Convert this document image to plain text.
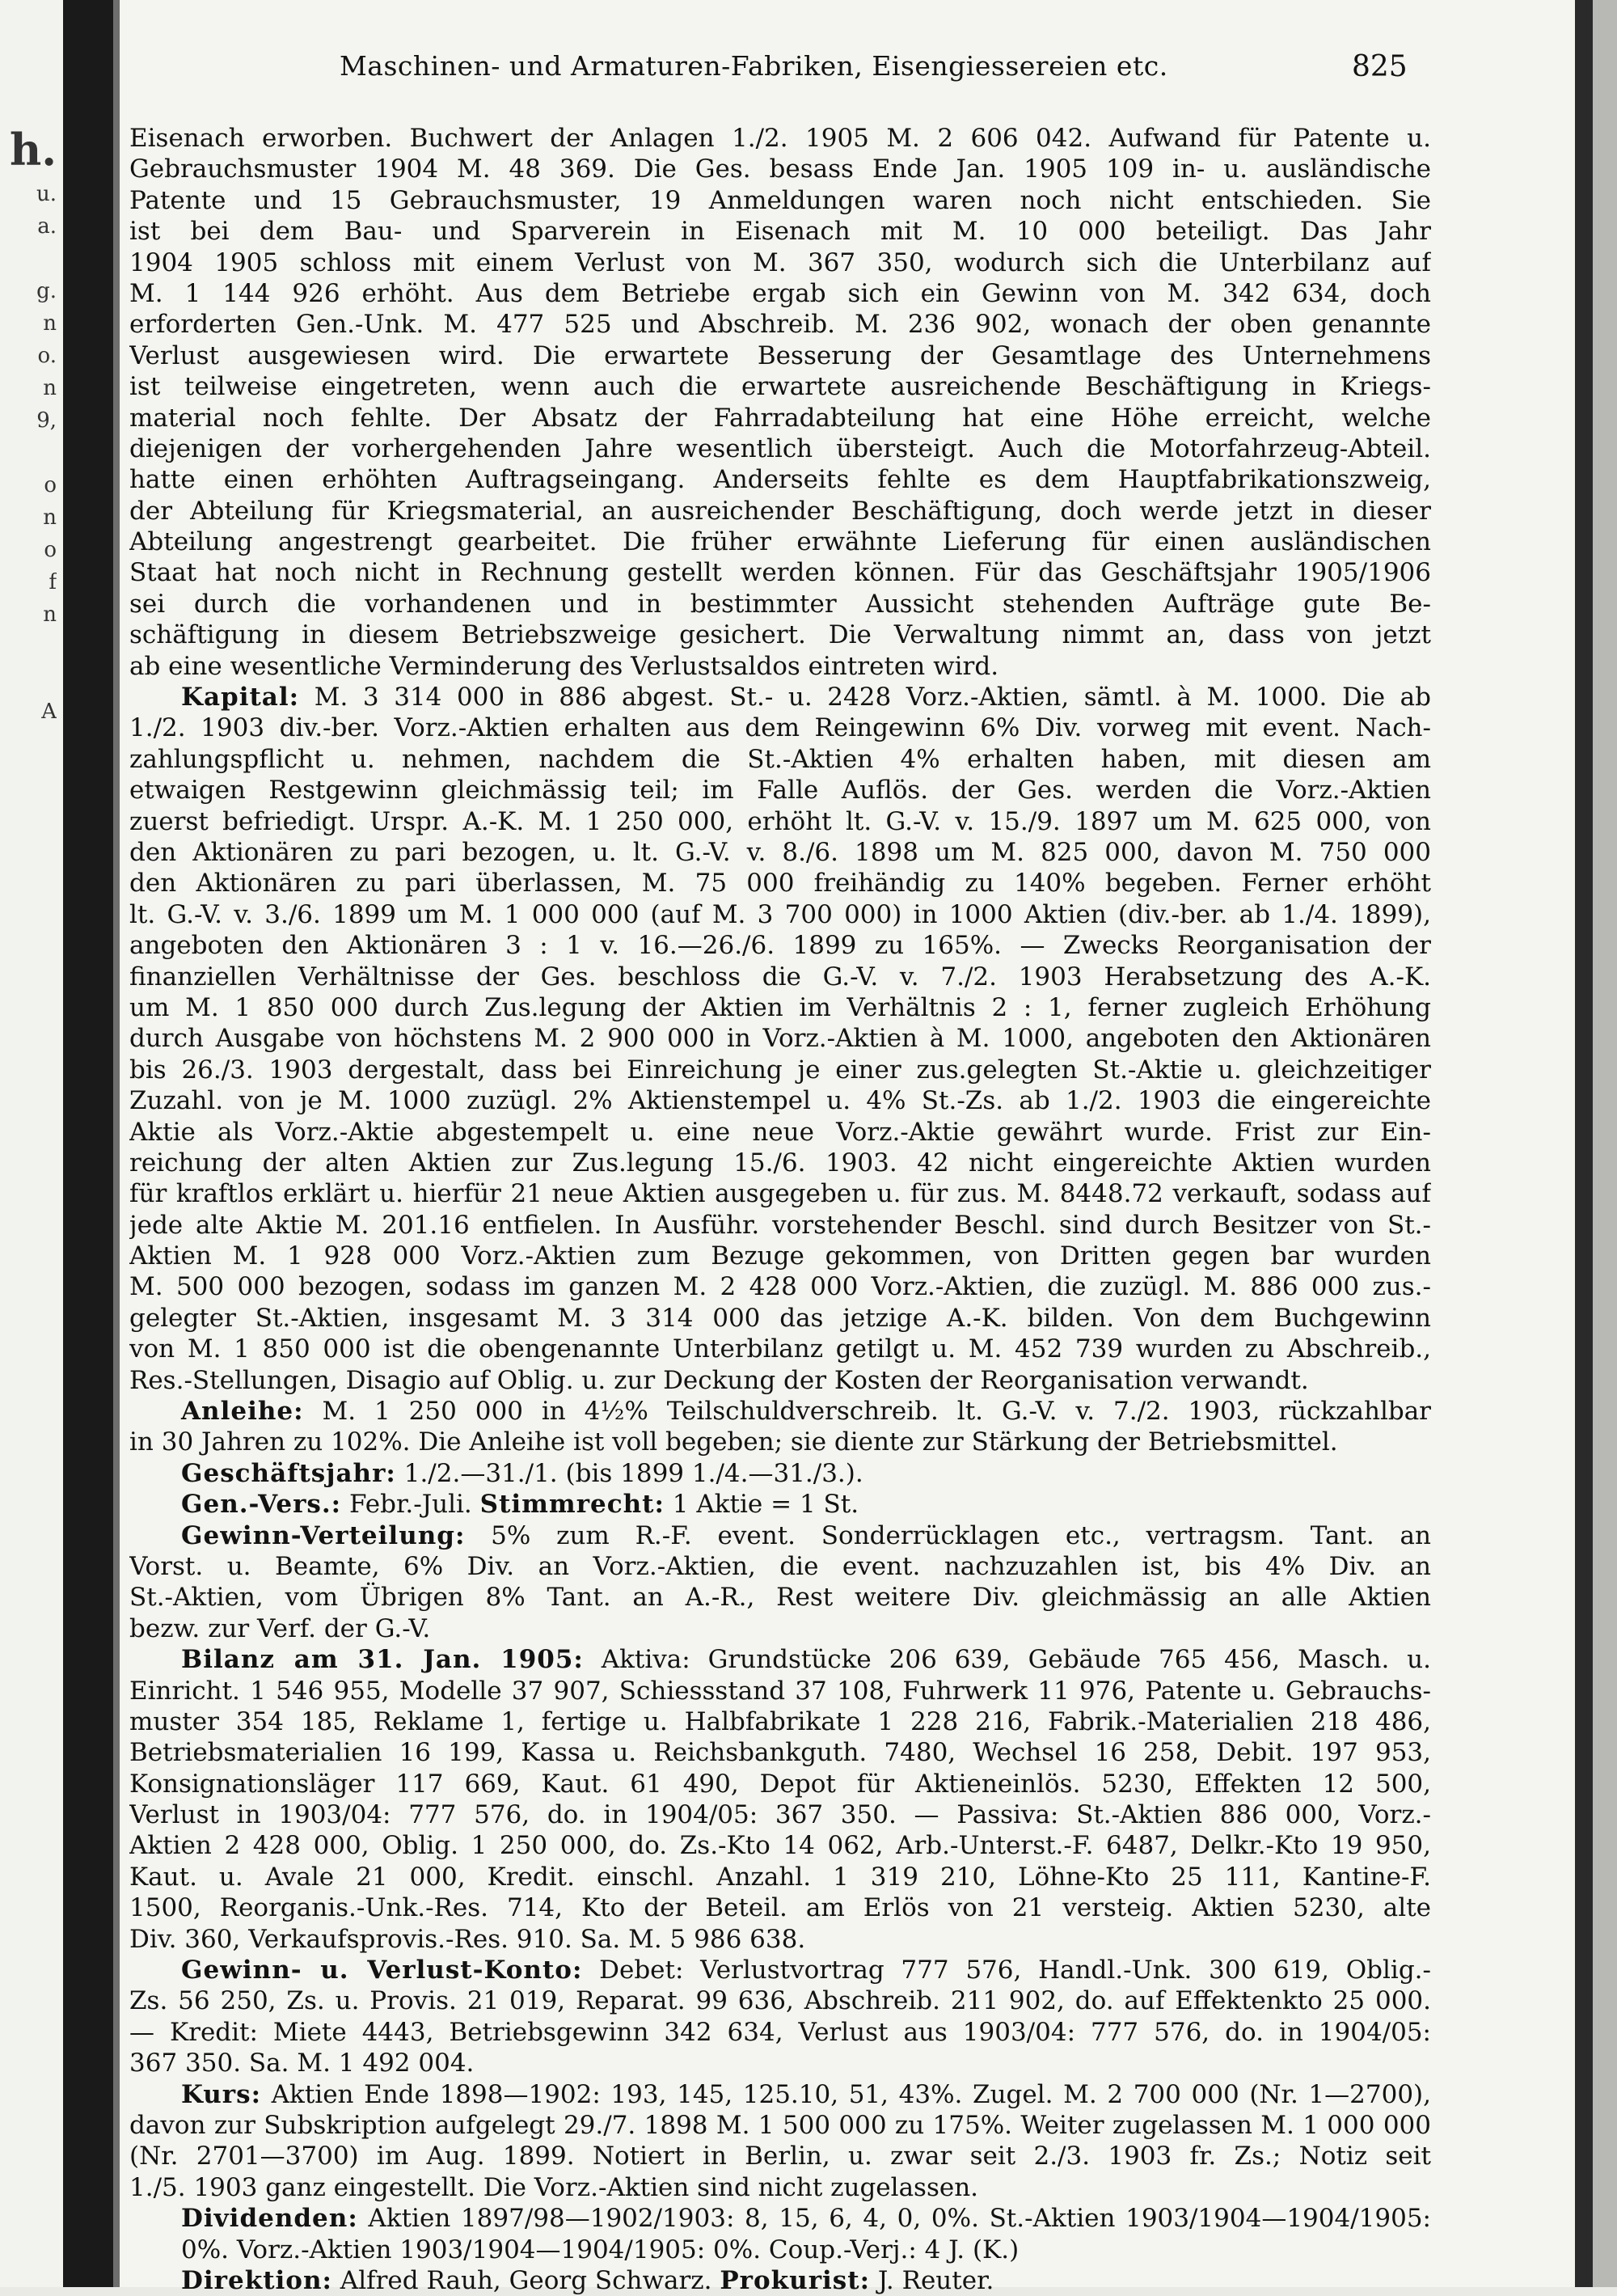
h.
u.
a.
g.
n
o.
n
9,
o
n
o
f
n
A
Maschinen- und Armaturen-Fabriken, Eisengiessereien etc.	825
Eisenach erworben. Buchwert der Anlagen 1./2. 1905 M. 2 606 042. Aufwand für Patente u.
Gebrauchsmuster 1904 M. 48 369. Die Ges. besass Ende Jan. 1905 109 in- u. ausländische
Patente und 15 Gebrauchsmuster, 19 Anmeldungen waren noch nicht entschieden. Sie
ist bei dem Bau- und Sparverein in Eisenach mit M. 10 000 beteiligt. Das Jahr
1904 1905 schloss mit einem Verlust von M. 367 350, wodurch sich die Unterbilanz auf
M. 1 144 926 erhöht. Aus dem Betriebe ergab sich ein Gewinn von M. 342 634, doch
erforderten Gen.-Unk. M. 477 525 und Abschreib. M. 236 902, wonach der oben genannte
Verlust ausgewiesen wird. Die erwartete Besserung der Gesamtlage des Unternehmens
ist teilweise eingetreten, wenn auch die erwartete ausreichende Beschäftigung in Kriegs-
material noch fehlte. Der Absatz der Fahrradabteilung hat eine Höhe erreicht, welche
diejenigen der vorhergehenden Jahre wesentlich übersteigt. Auch die Motorfahrzeug-Abteil.
hatte einen erhöhten Auftragseingang. Anderseits fehlte es dem Hauptfabrikationszweig,
der Abteilung für Kriegsmaterial, an ausreichender Beschäftigung, doch werde jetzt in dieser
Abteilung angestrengt gearbeitet. Die früher erwähnte Lieferung für einen ausländischen
Staat hat noch nicht in Rechnung gestellt werden können. Für das Geschäftsjahr 1905/1906
sei durch die vorhandenen und in bestimmter Aussicht stehenden Aufträge gute Be-
schäftigung in diesem Betriebszweige gesichert. Die Verwaltung nimmt an, dass von jetzt
ab eine wesentliche Verminderung des Verlustsaldos eintreten wird.
Kapital: M. 3 314 000 in 886 abgest. St.- u. 2428 Vorz.-Aktien, sämtl. à M. 1000. Die ab
1./2. 1903 div.-ber. Vorz.-Aktien erhalten aus dem Reingewinn 6% Div. vorweg mit event. Nach-
zahlungspflicht u. nehmen, nachdem die St.-Aktien 4% erhalten haben, mit diesen am
etwaigen Restgewinn gleichmässig teil; im Falle Auflös. der Ges. werden die Vorz.-Aktien
zuerst befriedigt. Urspr. A.-K. M. 1 250 000, erhöht lt. G.-V. v. 15./9. 1897 um M. 625 000, von
den Aktionären zu pari bezogen, u. lt. G.-V. v. 8./6. 1898 um M. 825 000, davon M. 750 000
den Aktionären zu pari überlassen, M. 75 000 freihändig zu 140% begeben. Ferner erhöht
lt. G.-V. v. 3./6. 1899 um M. 1 000 000 (auf M. 3 700 000) in 1000 Aktien (div.-ber. ab 1./4. 1899),
angeboten den Aktionären 3 : 1 v. 16.—26./6. 1899 zu 165%. — Zwecks Reorganisation der
finanziellen Verhältnisse der Ges. beschloss die G.-V. v. 7./2. 1903 Herabsetzung des A.-K.
um M. 1 850 000 durch Zus.legung der Aktien im Verhältnis 2 : 1, ferner zugleich Erhöhung
durch Ausgabe von höchstens M. 2 900 000 in Vorz.-Aktien à M. 1000, angeboten den Aktionären
bis 26./3. 1903 dergestalt, dass bei Einreichung je einer zus.gelegten St.-Aktie u. gleichzeitiger
Zuzahl. von je M. 1000 zuzügl. 2% Aktienstempel u. 4% St.-Zs. ab 1./2. 1903 die eingereichte
Aktie als Vorz.-Aktie abgestempelt u. eine neue Vorz.-Aktie gewährt wurde. Frist zur Ein-
reichung der alten Aktien zur Zus.legung 15./6. 1903. 42 nicht eingereichte Aktien wurden
für kraftlos erklärt u. hierfür 21 neue Aktien ausgegeben u. für zus. M. 8448.72 verkauft, sodass auf
jede alte Aktie M. 201.16 entfielen. In Ausführ. vorstehender Beschl. sind durch Besitzer von St.-
Aktien M. 1 928 000 Vorz.-Aktien zum Bezuge gekommen, von Dritten gegen bar wurden
M. 500 000 bezogen, sodass im ganzen M. 2 428 000 Vorz.-Aktien, die zuzügl. M. 886 000 zus.-
gelegter St.-Aktien, insgesamt M. 3 314 000 das jetzige A.-K. bilden. Von dem Buchgewinn
von M. 1 850 000 ist die obengenannte Unterbilanz getilgt u. M. 452 739 wurden zu Abschreib.,
Res.-Stellungen, Disagio auf Oblig. u. zur Deckung der Kosten der Reorganisation verwandt.
Anleihe: M. 1 250 000 in 4½% Teilschuldverschreib. lt. G.-V. v. 7./2. 1903, rückzahlbar
in 30 Jahren zu 102%. Die Anleihe ist voll begeben; sie diente zur Stärkung der Betriebsmittel.
Geschäftsjahr: 1./2.—31./1. (bis 1899 1./4.—31./3.).
Gen.-Vers.: Febr.-Juli. Stimmrecht: 1 Aktie = 1 St.
Gewinn-Verteilung: 5% zum R.-F. event. Sonderrücklagen etc., vertragsm. Tant. an
Vorst. u. Beamte, 6% Div. an Vorz.-Aktien, die event. nachzuzahlen ist, bis 4% Div. an
St.-Aktien, vom Übrigen 8% Tant. an A.-R., Rest weitere Div. gleichmässig an alle Aktien
bezw. zur Verf. der G.-V.
Bilanz am 31. Jan. 1905: Aktiva: Grundstücke 206 639, Gebäude 765 456, Masch. u.
Einricht. 1 546 955, Modelle 37 907, Schiessstand 37 108, Fuhrwerk 11 976, Patente u. Gebrauchs-
muster 354 185, Reklame 1, fertige u. Halbfabrikate 1 228 216, Fabrik.-Materialien 218 486,
Betriebsmaterialien 16 199, Kassa u. Reichsbankguth. 7480, Wechsel 16 258, Debit. 197 953,
Konsignationsläger 117 669, Kaut. 61 490, Depot für Aktieneinlös. 5230, Effekten 12 500,
Verlust in 1903/04: 777 576, do. in 1904/05: 367 350. — Passiva: St.-Aktien 886 000, Vorz.-
Aktien 2 428 000, Oblig. 1 250 000, do. Zs.-Kto 14 062, Arb.-Unterst.-F. 6487, Delkr.-Kto 19 950,
Kaut. u. Avale 21 000, Kredit. einschl. Anzahl. 1 319 210, Löhne-Kto 25 111, Kantine-F.
1500, Reorganis.-Unk.-Res. 714, Kto der Beteil. am Erlös von 21 versteig. Aktien 5230, alte
Div. 360, Verkaufsprovis.-Res. 910. Sa. M. 5 986 638.
Gewinn- u. Verlust-Konto: Debet: Verlustvortrag 777 576, Handl.-Unk. 300 619, Oblig.-
Zs. 56 250, Zs. u. Provis. 21 019, Reparat. 99 636, Abschreib. 211 902, do. auf Effektenkto 25 000.
— Kredit: Miete 4443, Betriebsgewinn 342 634, Verlust aus 1903/04: 777 576, do. in 1904/05:
367 350. Sa. M. 1 492 004.
Kurs: Aktien Ende 1898—1902: 193, 145, 125.10, 51, 43%. Zugel. M. 2 700 000 (Nr. 1—2700),
davon zur Subskription aufgelegt 29./7. 1898 M. 1 500 000 zu 175%. Weiter zugelassen M. 1 000 000
(Nr. 2701—3700) im Aug. 1899. Notiert in Berlin, u. zwar seit 2./3. 1903 fr. Zs.; Notiz seit
1./5. 1903 ganz eingestellt. Die Vorz.-Aktien sind nicht zugelassen.
Dividenden: Aktien 1897/98—1902/1903: 8, 15, 6, 4, 0, 0%. St.-Aktien 1903/1904—1904/1905:
0%. Vorz.-Aktien 1903/1904—1904/1905: 0%. Coup.-Verj.: 4 J. (K.)
Direktion: Alfred Rauh, Georg Schwarz. Prokurist: J. Reuter.
